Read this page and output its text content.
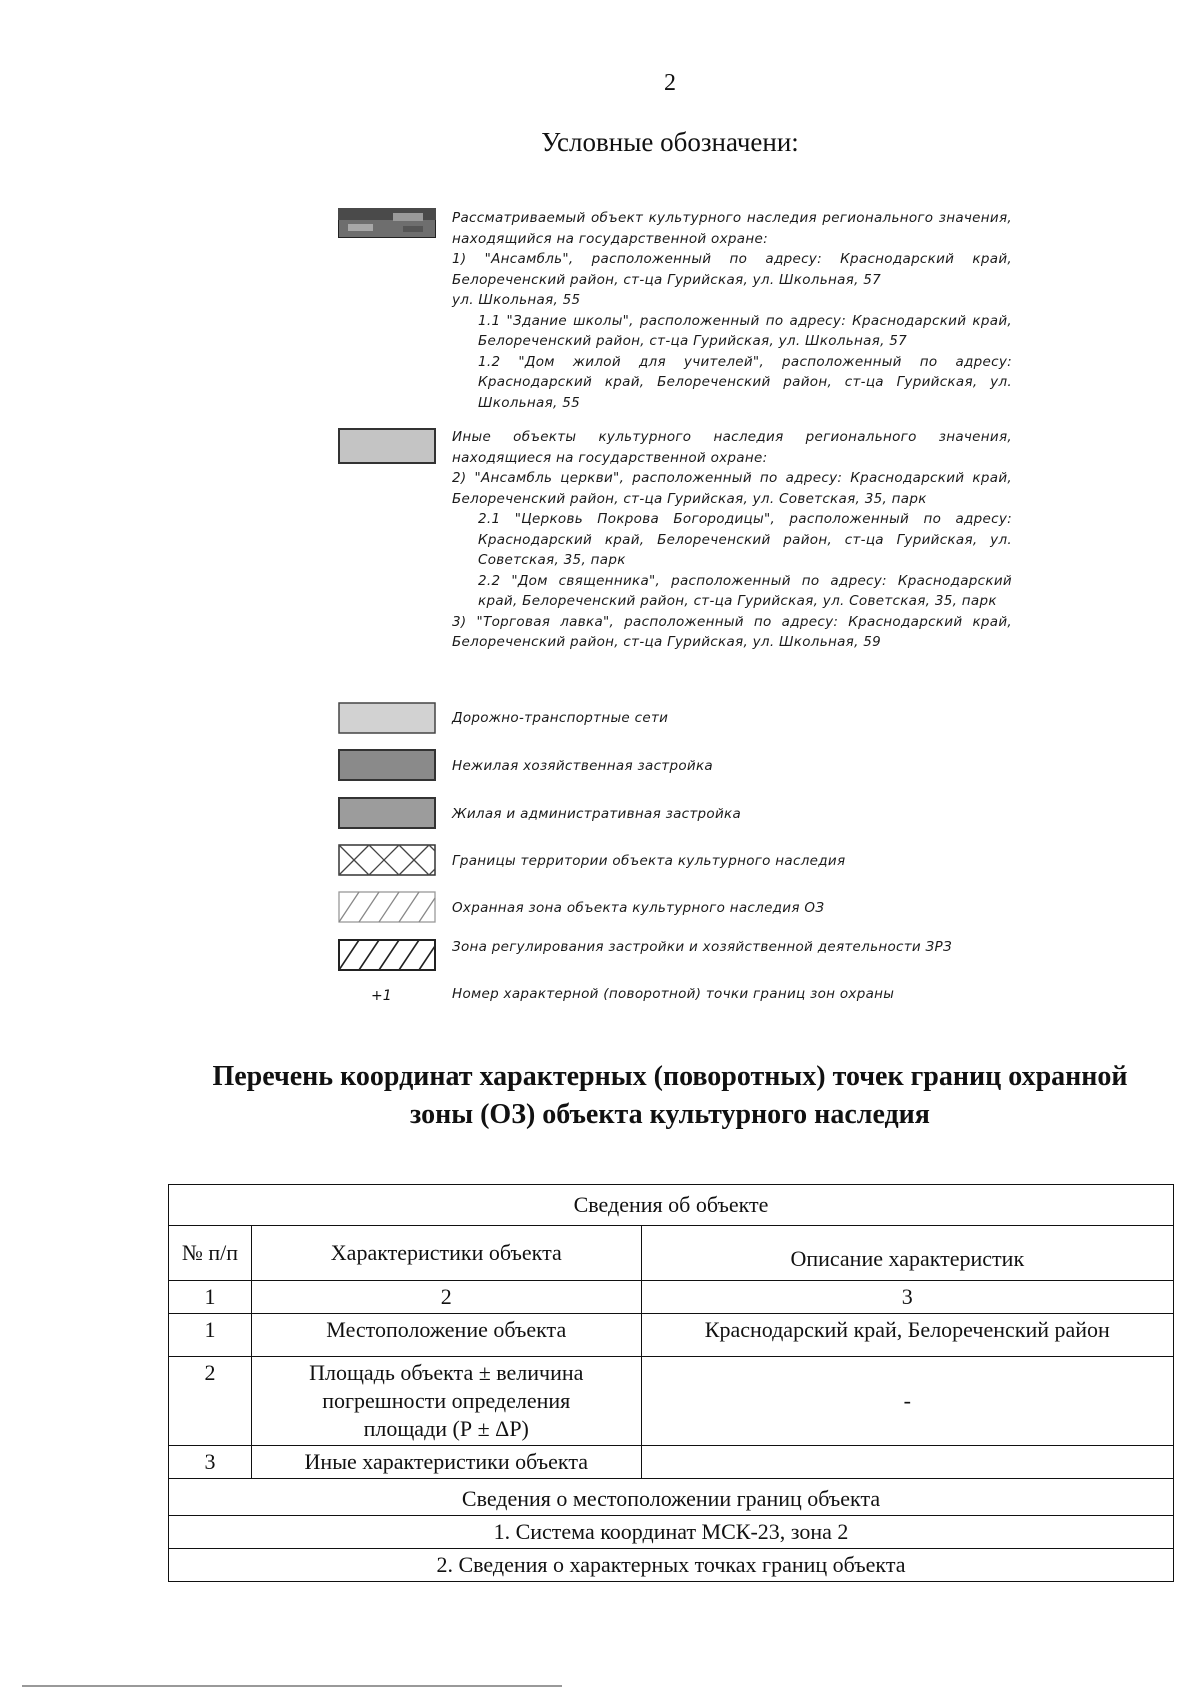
2
Условные обозначени:
Рассматриваемый объект культурного наследия регионального значения, находящийся на государственной охране:
1) "Ансамбль", расположенный по адресу: Краснодарский край, Белореченский район, ст-ца Гурийская, ул. Школьная, 57
ул. Школьная, 55
1.1 "Здание школы", расположенный по адресу: Краснодарский край, Белореченский район, ст-ца Гурийская, ул. Школьная, 57
1.2 "Дом жилой для учителей", расположенный по адресу: Краснодарский край, Белореченский район, ст-ца Гурийская, ул. Школьная, 55
Иные объекты культурного наследия регионального значения, находящиеся на государственной охране:
2) "Ансамбль церкви", расположенный по адресу: Краснодарский край, Белореченский район, ст-ца Гурийская, ул. Советская, 35, парк
2.1 "Церковь Покрова Богородицы", расположенный по адресу: Краснодарский край, Белореченский район, ст-ца Гурийская, ул. Советская, 35, парк
2.2 "Дом священника", расположенный по адресу: Краснодарский край, Белореченский район, ст-ца Гурийская, ул. Советская, 35, парк
3) "Торговая лавка", расположенный по адресу: Краснодарский край, Белореченский район, ст-ца Гурийская, ул. Школьная, 59
Дорожно-транспортные сети
Нежилая хозяйственная застройка
Жилая и административная застройка
Границы территории объекта культурного наследия
Охранная зона объекта культурного наследия ОЗ
Зона регулирования застройки и хозяйственной деятельности ЗРЗ
+1	Номер характерной (поворотной) точки границ зон охраны
Перечень координат характерных (поворотных) точек границ охранной
зоны (ОЗ) объекта культурного наследия
Сведения об объекте		
№ п/п	Характеристики объекта	Описание характеристик
1	2	3
1	Местоположение объекта	Краснодарский край, Белореченский район
2	Площадь объекта ± величина погрешности определения площади (Р ± ΔР)	-
3	Иные характеристики объекта	
Сведения о местоположении границ объекта		
1. Система координат МСК-23, зона 2		
2. Сведения о характерных точках границ объекта		
